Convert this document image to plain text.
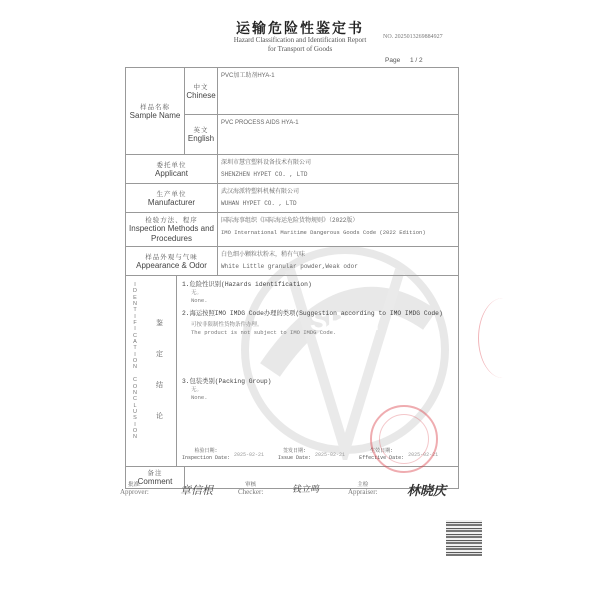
运输危险性鉴定书
Hazard Classification and Identification Report
for Transport of Goods
NO. 2025013269884927
Page 1 / 2
SRICI
样品名称
Sample Name	中文
Chinese	PVC加工助剂HYA-1

	英文
English	PVC PROCESS AIDS HYA-1

委托单位
Applicant

深圳市慧宜塑料设备技术有限公司
SHENZHEN HYPET CO. , LTD

生产单位
Manufacturer

武汉海派特塑料机械有限公司
WUHAN HYPET CO. , LTD

检验方法、程序
Inspection Methods and Procedures

国际海事组织《国际海运危险货物规则》（2022版）
IMO International Maritime Dangerous Goods Code (2022 Edition)

样品外观与气味
Appearance & Odor

白色细小颗粒状粉末，稍有气味
White Little granular powder,Weak odor

I
D
E
N
T
I
F
I
C
A
T
I
O
N

C
O
N
C
L
U
S
I
O
N
鉴
定
结
论
1.危险性识别(Hazards identification)
无。
None.
2.海运按照IMO IMDG Code办理的类项(Suggestion according to IMO IMDG Code)
可按非限制性货物条件办理。
The product is not subject to IMO IMDG Code.
3.包装类别(Packing Group)
无。
None.
检验日期:
Inspection Date: 2025-02-21
签发日期:
Issue Date: 2025-02-21
生效日期:
Effective Date: 2025-02-21

备注
Comment		

批准:
Approver:	章信根	审核
Checker:	钱立鸣	主检
Appraiser: 林晓庆
